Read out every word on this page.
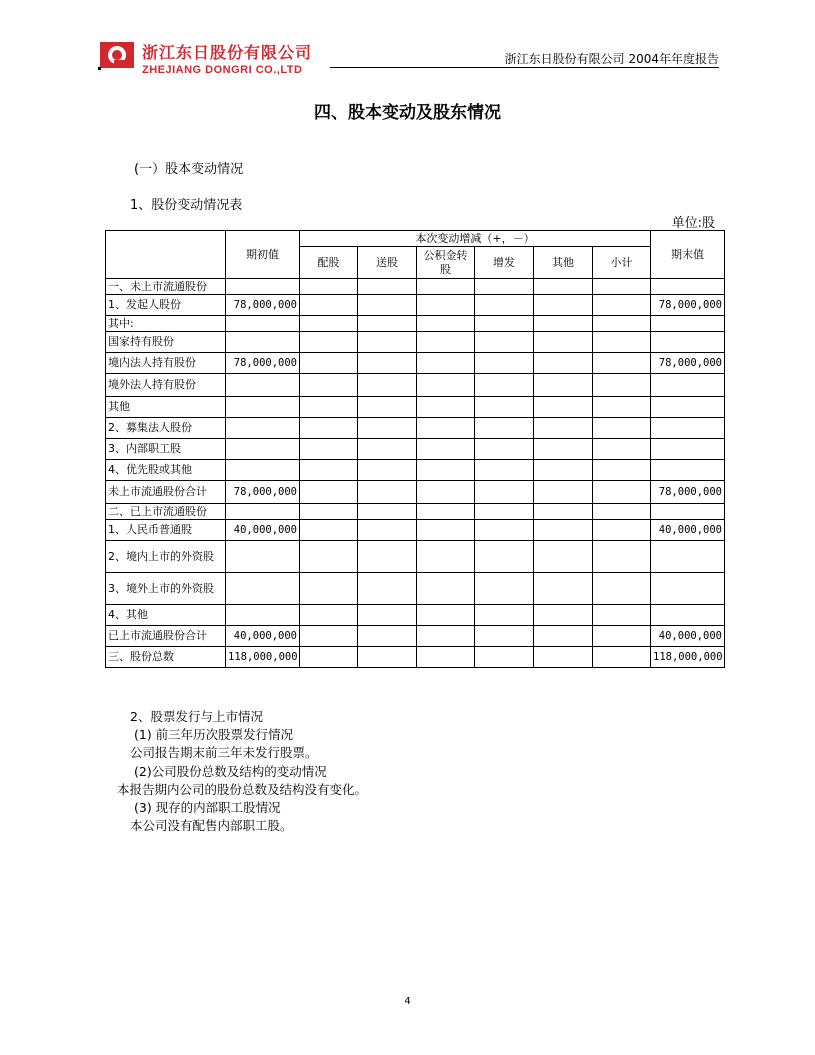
浙江东日股份有限公司
ZHEJIANG DONGRI CO.,LTD
浙江东日股份有限公司 2004年年度报告
四、股本变动及股东情况
(一）股本变动情况
1、股份变动情况表
单位:股
	期初值	本次变动增减（+，－）						期末值
		配股	送股	公积金转股	增发	其他	小计	
一、未上市流通股份								
1、发起人股份	78,000,000							78,000,000
其中:								
国家持有股份								
境内法人持有股份	78,000,000							78,000,000
境外法人持有股份								
其他								
2、募集法人股份								
3、内部职工股								
4、优先股或其他								
未上市流通股份合计	78,000,000							78,000,000
二、已上市流通股份								
1、人民币普通股	40,000,000							40,000,000
2、境内上市的外资股								
3、境外上市的外资股								
4、其他								
已上市流通股份合计	40,000,000							40,000,000
三、股份总数	118,000,000							118,000,000
2、股票发行与上市情况
(1) 前三年历次股票发行情况
公司报告期末前三年未发行股票。
(2)公司股份总数及结构的变动情况
本报告期内公司的股份总数及结构没有变化。
(3) 现存的内部职工股情况
本公司没有配售内部职工股。
4
